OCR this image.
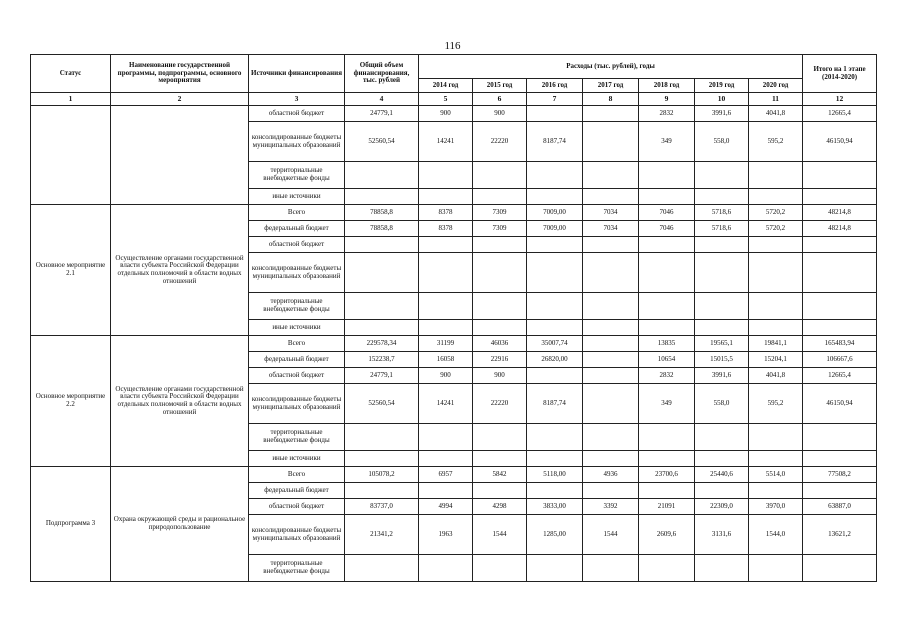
116
Статус	Наименование государственной программы, подпрограммы, основного мероприятия	Источники финансирования	Общий объем финансирования, тыс. рублей	Расходы (тыс. рублей), годы							Итого на 1 этапе (2014-2020)
				2014 год	2015 год	2016 год	2017 год	2018 год	2019 год	2020 год	
1	2	3	4	5	6	7	8	9	10	11	12
		областной бюджет	24779,1	900	900			2832	3991,6	4041,8	12665,4
		консолидированные бюджеты муниципальных образований	52560,54	14241	22220	8187,74		349	558,0	595,2	46150,94
		территориальные внебюджетные фонды									
		иные источники									
Основное мероприятие 2.1	Осуществление органами государственной власти субъекта Российской Федерации отдельных полномочий в области водных отношений	Всего	78858,8	8378	7309	7009,00	7034	7046	5718,6	5720,2	48214,8
		федеральный бюджет	78858,8	8378	7309	7009,00	7034	7046	5718,6	5720,2	48214,8
		областной бюджет									
		консолидированные бюджеты муниципальных образований									
		территориальные внебюджетные фонды									
		иные источники									
Основное мероприятие 2.2	Осуществление органами государственной власти субъекта Российской Федерации отдельных полномочий в области водных отношений	Всего	229578,34	31199	46036	35007,74		13835	19565,1	19841,1	165483,94
		федеральный бюджет	152238,7	16058	22916	26820,00		10654	15015,5	15204,1	106667,6
		областной бюджет	24779,1	900	900			2832	3991,6	4041,8	12665,4
		консолидированные бюджеты муниципальных образований	52560,54	14241	22220	8187,74		349	558,0	595,2	46150,94
		территориальные внебюджетные фонды									
		иные источники									
Подпрограмма 3	Охрана окружающей среды и рациональное природопользование	Всего	105078,2	6957	5842	5118,00	4936	23700,6	25440,6	5514,0	77508,2
		федеральный бюджет									
		областной бюджет	83737,0	4994	4298	3833,00	3392	21091	22309,0	3970,0	63887,0
		консолидированные бюджеты муниципальных образований	21341,2	1963	1544	1285,00	1544	2609,6	3131,6	1544,0	13621,2
		территориальные внебюджетные фонды									
